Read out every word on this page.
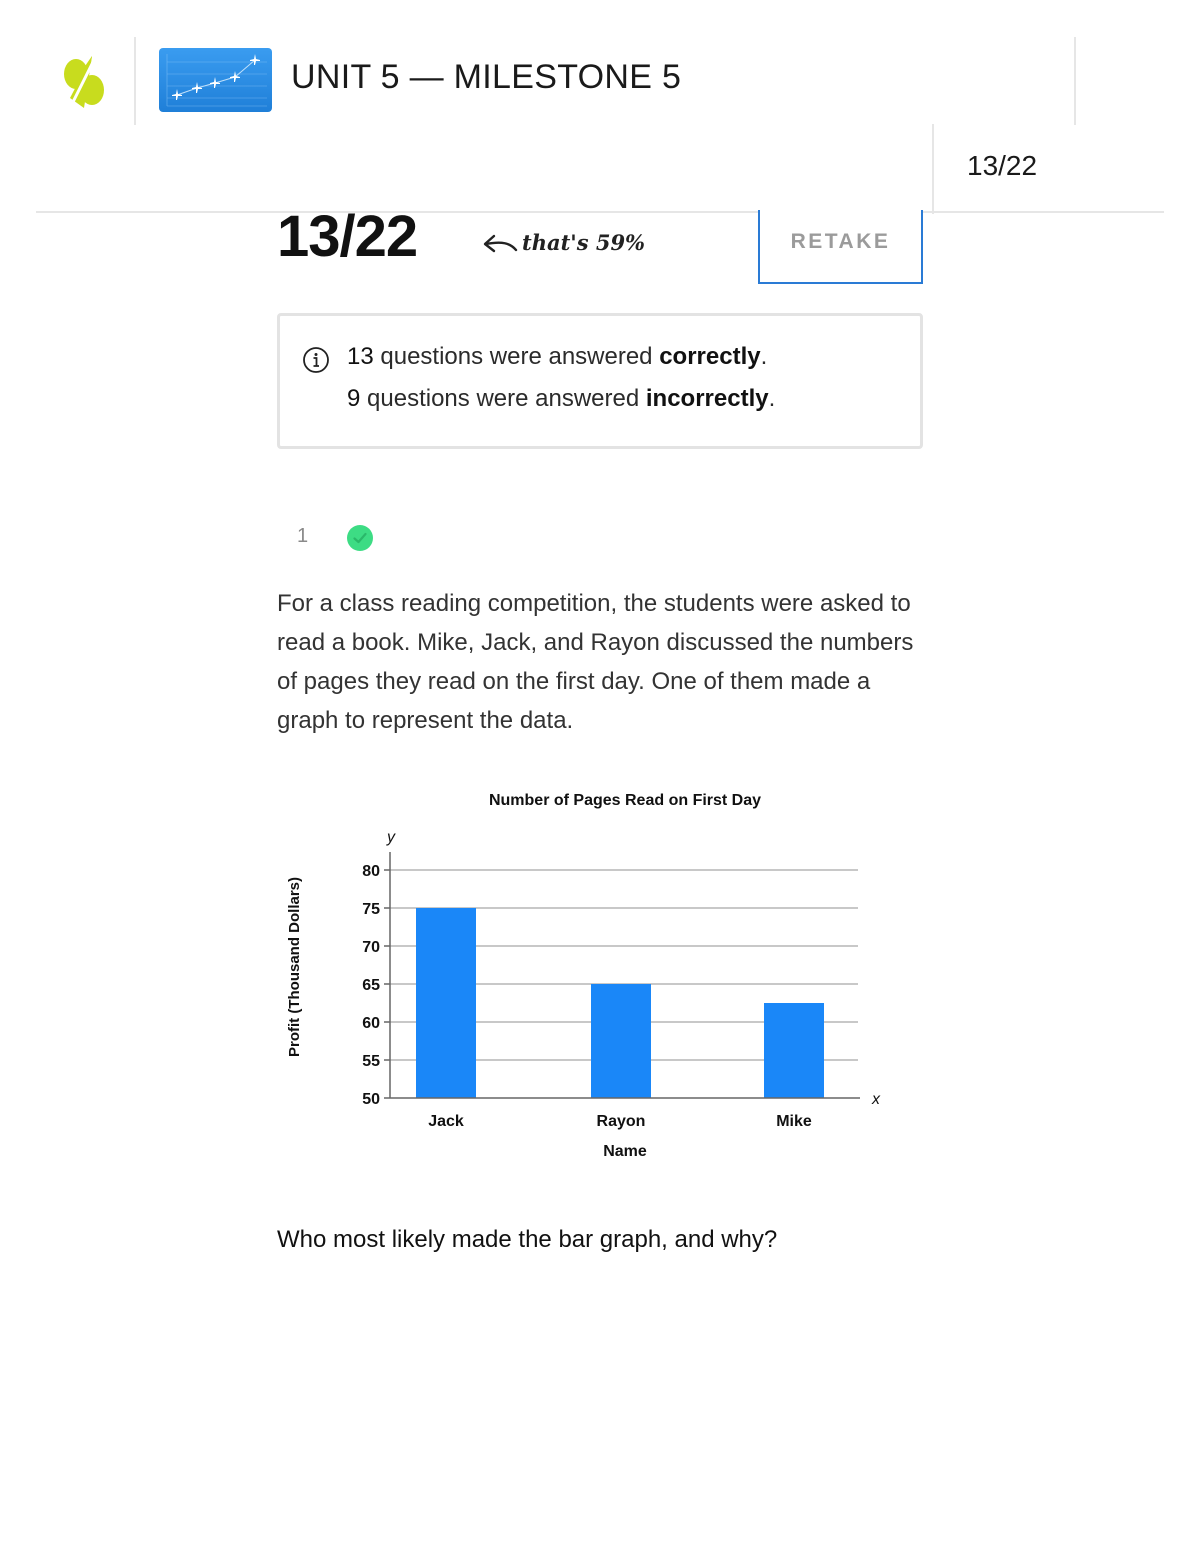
UNIT 5 — MILESTONE 5
13/22
13/22	that's 59%	RETAKE
13 questions were answered correctly.
9 questions were answered incorrectly.
1
For a class reading competition, the students were asked to read a book. Mike, Jack, and Rayon discussed the numbers of pages they read on the first day. One of them made a graph to represent the data.
Number of Pages Read on First Day
y
x
Profit (Thousand Dollars)
Name
50
55
60
65
70
75
80
Jack	Rayon	Mike
Who most likely made the bar graph, and why?
